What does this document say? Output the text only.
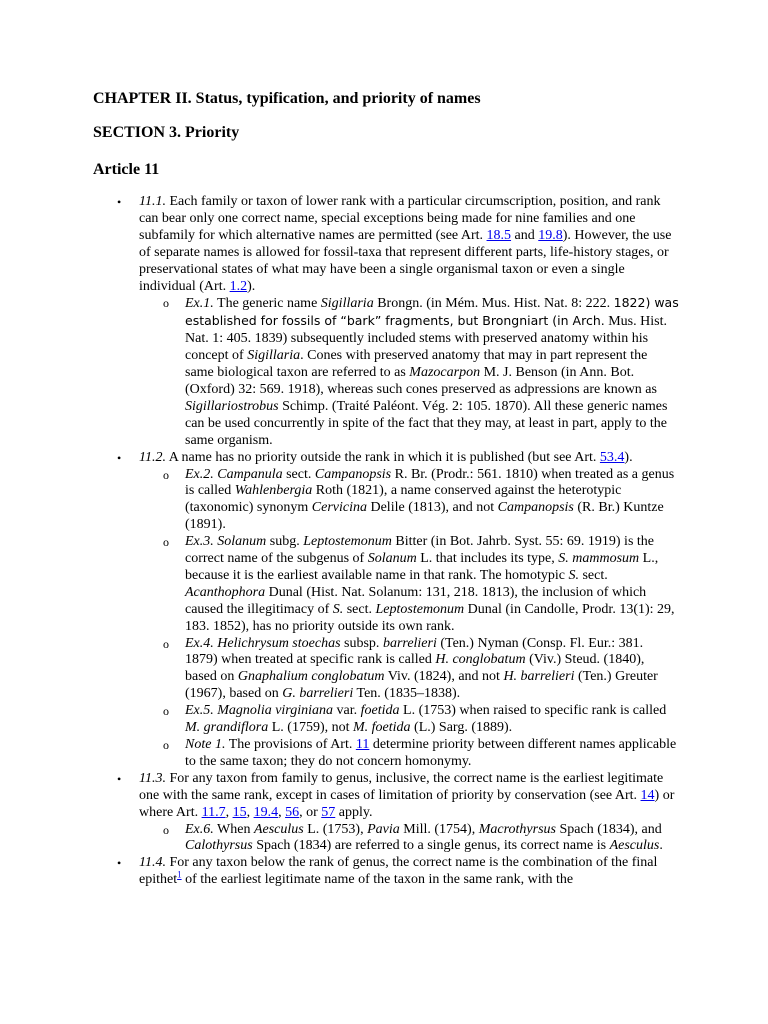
CHAPTER II. Status, typification, and priority of names
SECTION 3. Priority
Article 11
• 11.1. Each family or taxon of lower rank with a particular circumscription, position, and rank can bear only one correct name, special exceptions being made for nine families and one subfamily for which alternative names are permitted (see Art. 18.5 and 19.8). However, the use of separate names is allowed for fossil-taxa that represent different parts, life-history stages, or preservational states of what may have been a single organismal taxon or even a single individual (Art. 1.2).
o Ex.1. The generic name Sigillaria Brongn. (in Mém. Mus. Hist. Nat. 8: 222. 1822) was established for fossils of “bark” fragments, but Brongniart (in Arch. Mus. Hist. Nat. 1: 405. 1839) subsequently included stems with preserved anatomy within his concept of Sigillaria. Cones with preserved anatomy that may in part represent the same biological taxon are referred to as Mazocarpon M. J. Benson (in Ann. Bot. (Oxford) 32: 569. 1918), whereas such cones preserved as adpressions are known as Sigillariostrobus Schimp. (Traité Paléont. Vég. 2: 105. 1870). All these generic names can be used concurrently in spite of the fact that they may, at least in part, apply to the same organism.
• 11.2. A name has no priority outside the rank in which it is published (but see Art. 53.4).
o Ex.2. Campanula sect. Campanopsis R. Br. (Prodr.: 561. 1810) when treated as a genus is called Wahlenbergia Roth (1821), a name conserved against the heterotypic (taxonomic) synonym Cervicina Delile (1813), and not Campanopsis (R. Br.) Kuntze (1891).
o Ex.3. Solanum subg. Leptostemonum Bitter (in Bot. Jahrb. Syst. 55: 69. 1919) is the correct name of the subgenus of Solanum L. that includes its type, S. mammosum L., because it is the earliest available name in that rank. The homotypic S. sect. Acanthophora Dunal (Hist. Nat. Solanum: 131, 218. 1813), the inclusion of which caused the illegitimacy of S. sect. Leptostemonum Dunal (in Candolle, Prodr. 13(1): 29, 183. 1852), has no priority outside its own rank.
o Ex.4. Helichrysum stoechas subsp. barrelieri (Ten.) Nyman (Consp. Fl. Eur.: 381. 1879) when treated at specific rank is called H. conglobatum (Viv.) Steud. (1840), based on Gnaphalium conglobatum Viv. (1824), and not H. barrelieri (Ten.) Greuter (1967), based on G. barrelieri Ten. (1835–1838).
o Ex.5. Magnolia virginiana var. foetida L. (1753) when raised to specific rank is called M. grandiflora L. (1759), not M. foetida (L.) Sarg. (1889).
o Note 1. The provisions of Art. 11 determine priority between different names applicable to the same taxon; they do not concern homonymy.
• 11.3. For any taxon from family to genus, inclusive, the correct name is the earliest legitimate one with the same rank, except in cases of limitation of priority by conservation (see Art. 14) or where Art. 11.7, 15, 19.4, 56, or 57 apply.
o Ex.6. When Aesculus L. (1753), Pavia Mill. (1754), Macrothyrsus Spach (1834), and Calothyrsus Spach (1834) are referred to a single genus, its correct name is Aesculus.
• 11.4. For any taxon below the rank of genus, the correct name is the combination of the final epithet$^1$ of the earliest legitimate name of the taxon in the same rank, with the
